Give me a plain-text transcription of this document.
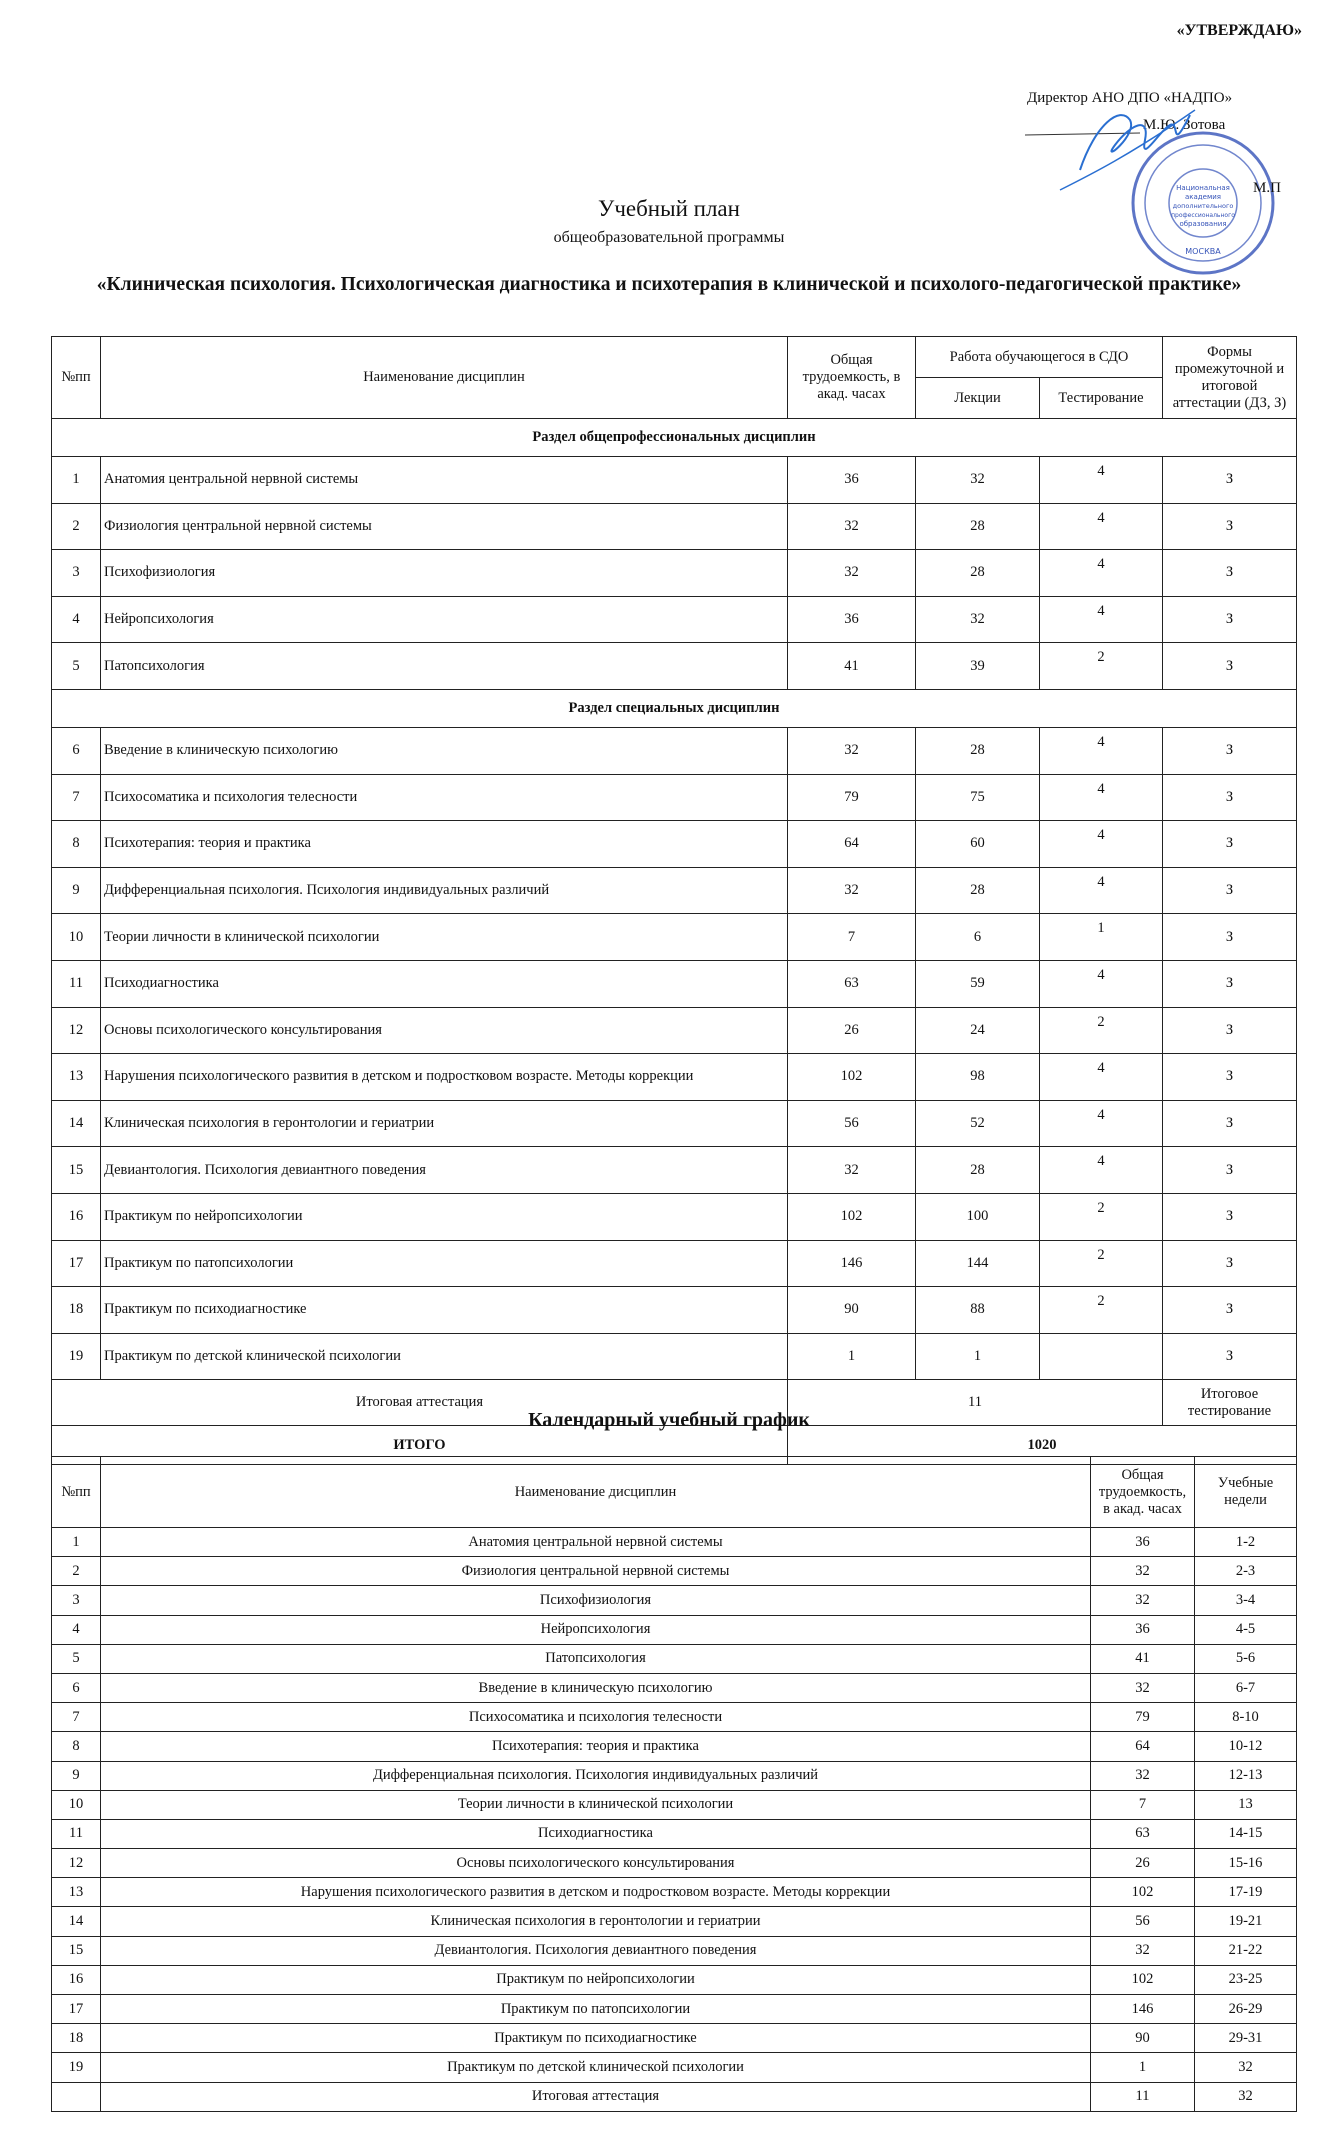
«УТВЕРЖДАЮ»
Директор АНО ДПО «НАДПО»
М.Ю. Зотова
Национальная
академия
дополнительного
профессионального
образования
МОСКВА
М.П
Учебный план
общеобразовательной программы
«Клиническая психология. Психологическая диагностика и психотерапия в клинической и психолого-педагогической практике»
№пп	Наименование дисциплин	Общая трудоемкость, в акад. часах	Работа обучающегося в СДО		Формы промежуточной и итоговой аттестации (ДЗ, З)
			Лекции	Тестирование	
Раздел общепрофессиональных дисциплин					
1	Анатомия центральной нервной системы	36	32	4	З
2	Физиология центральной нервной системы	32	28	4	З
3	Психофизиология	32	28	4	З
4	Нейропсихология	36	32	4	З
5	Патопсихология	41	39	2	З
Раздел специальных дисциплин					
6	Введение в клиническую психологию	32	28	4	З
7	Психосоматика и психология телесности	79	75	4	З
8	Психотерапия: теория и практика	64	60	4	З
9	Дифференциальная психология. Психология индивидуальных различий	32	28	4	З
10	Теории личности в клинической психологии	7	6	1	З
11	Психодиагностика	63	59	4	З
12	Основы психологического консультирования	26	24	2	З
13	Нарушения психологического развития в детском и подростковом возрасте. Методы коррекции	102	98	4	З
14	Клиническая психология в геронтологии и гериатрии	56	52	4	З
15	Девиантология. Психология девиантного поведения	32	28	4	З
16	Практикум по нейропсихологии	102	100	2	З
17	Практикум по патопсихологии	146	144	2	З
18	Практикум по психодиагностике	90	88	2	З
19	Практикум по детской клинической психологии	1	1		З
Итоговая аттестация		11			Итоговое тестирование
ИТОГО		1020			
Календарный учебный график
№пп	Наименование дисциплин	Общая трудоемкость, в акад. часах	Учебные недели
1	Анатомия центральной нервной системы	36	1-2
2	Физиология центральной нервной системы	32	2-3
3	Психофизиология	32	3-4
4	Нейропсихология	36	4-5
5	Патопсихология	41	5-6
6	Введение в клиническую психологию	32	6-7
7	Психосоматика и психология телесности	79	8-10
8	Психотерапия: теория и практика	64	10-12
9	Дифференциальная психология. Психология индивидуальных различий	32	12-13
10	Теории личности в клинической психологии	7	13
11	Психодиагностика	63	14-15
12	Основы психологического консультирования	26	15-16
13	Нарушения психологического развития в детском и подростковом возрасте. Методы коррекции	102	17-19
14	Клиническая психология в геронтологии и гериатрии	56	19-21
15	Девиантология. Психология девиантного поведения	32	21-22
16	Практикум по нейропсихологии	102	23-25
17	Практикум по патопсихологии	146	26-29
18	Практикум по психодиагностике	90	29-31
19	Практикум по детской клинической психологии	1	32
	Итоговая аттестация	11	32
